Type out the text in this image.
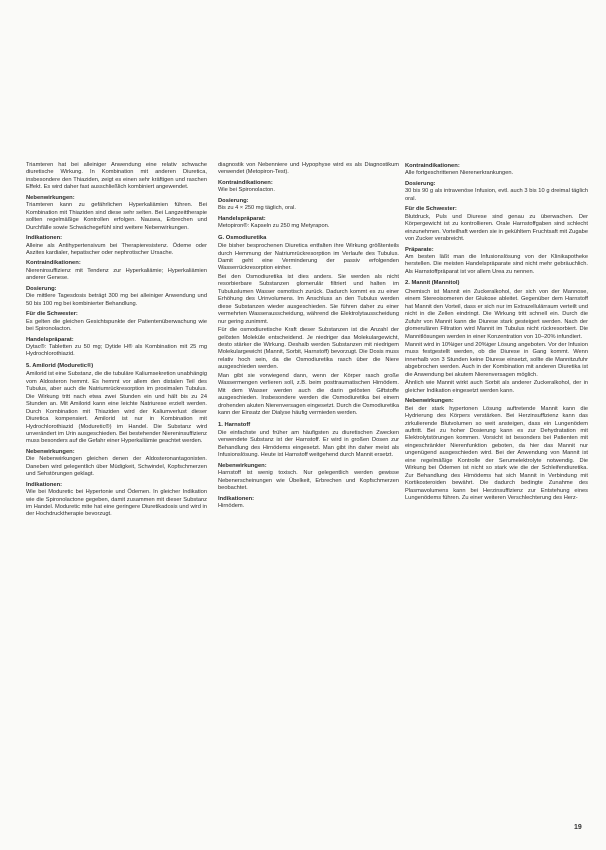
Triamteren hat bei alleiniger Anwendung eine relativ schwache diuretische Wirkung. In Kombination mit anderen Diuretica, insbesondere den Thiaziden, zeigt es einen sehr kräftigen und raschen Effekt. Es wird daher fast ausschließlich kombiniert angewendet.

Nebenwirkungen:

Triamteren kann zu gefährlichen Hyperkaliämien führen. Bei Kombination mit Thiaziden sind diese sehr selten. Bei Langzeittherapie sollten regelmäßige Kontrollen erfolgen. Nausea, Erbrechen und Durchfälle sowie Schwächegefühl sind weitere Nebenwirkungen.

Indikationen:

Alleine als Antihypertensivum bei Therapieresistenz. Ödeme oder Aszites kardialer, hepatischer oder nephrotischer Ursache.

Kontraindikationen:

Niereninsuffizienz mit Tendenz zur Hyperkaliämie; Hyperkaliämien anderer Genese.

Dosierung:

Die mittlere Tagesdosis beträgt 300 mg bei alleiniger Anwendung und 50 bis 100 mg bei kombinierter Behandlung.

Für die Schwester:

Es gelten die gleichen Gesichtspunkte der Patientenüberwachung wie bei Spironolacton.

Handelspräparat:

Dytac®: Tabletten zu 50 mg; Dytide H® als Kombination mit 25 mg Hydrochlorothiazid.

5. Amilorid (Moduretic®)

Amilorid ist eine Substanz, die die tubuläre Kaliumsekretion unabhängig vom Aldosteron hemmt. Es hemmt vor allem den distalen Teil des Tubulus, aber auch die Natriumrückresorption im proximalen Tubulus. Die Wirkung tritt nach etwa zwei Stunden ein und hält bis zu 24 Stunden an. Mit Amilorid kann eine leichte Natriurese erzielt werden. Durch Kombination mit Thiaziden wird der Kaliumverlust dieser Diuretica kompensiert. Amilorid ist nur in Kombination mit Hydrochlorothiazid (Moduretic®) im Handel. Die Substanz wird unverändert im Urin ausgeschieden. Bei bestehender Niereninsuffizienz muss besonders auf die Gefahr einer Hyperkaliämie geachtet werden.

Nebenwirkungen:

Die Nebenwirkungen gleichen denen der Aldosteronantagonisten. Daneben wird gelegentlich über Müdigkeit, Schwindel, Kopfschmerzen und Sehstörungen geklagt.

Indikationen:

Wie bei Moduretic bei Hypertonie und Ödemen. In gleicher Indikation wie die Spironolactone gegeben, damit zusammen mit dieser Substanz im Handel. Moduretic mite hat eine geringere Diuretikadosis und wird in der Hochdrucktherapie bevorzugt.

diagnostik von Nebenniere und Hypophyse wird es als Diagnostikum verwendet (Metopiron-Test).

Kontraindikationen:

Wie bei Spironolacton.

Dosierung:

Bis zu 4 × 250 mg täglich, oral.

Handelspräparat:

Metopiron®: Kapseln zu 250 mg Metyrapon.

G. Osmodiuretika

Die bisher besprochenen Diuretica entfalten ihre Wirkung größtenteils durch Hemmung der Natriumrückresorption im Verlaufe des Tubulus. Damit geht eine Verminderung der passiv erfolgenden Wasserrückresorption einher.

Bei den Osmodiuretika ist dies anders. Sie werden als nicht resorbierbare Substanzen glomerulär filtriert und halten im Tubuluslumen Wasser osmotisch zurück. Dadurch kommt es zu einer Erhöhung des Urinvolumens. Im Anschluss an den Tubulus werden diese Substanzen wieder ausgeschieden. Sie führen daher zu einer vermehrten Wasserausscheidung, während die Elektrolytausscheidung nur gering zunimmt.

Für die osmodiuretische Kraft dieser Substanzen ist die Anzahl der gelösten Moleküle entscheidend. Je niedriger das Molekulargewicht, desto stärker die Wirkung. Deshalb werden Substanzen mit niedrigem Molekulargewicht (Mannit, Sorbit, Harnstoff) bevorzugt. Die Dosis muss relativ hoch sein, da die Osmodiuretika rasch über die Niere ausgeschieden werden.

Man gibt sie vorwiegend dann, wenn der Körper rasch große Wassermengen verlieren soll, z.B. beim posttraumatischen Hirnödem. Mit dem Wasser werden auch die darin gelösten Giftstoffe ausgeschieden. Insbesondere werden die Osmodiuretika bei einem drohenden akuten Nierenversagen eingesetzt. Durch die Osmodiuretika kann der Einsatz der Dialyse häufig vermieden werden.

1. Harnstoff

Die einfachste und früher am häufigsten zu diuretischen Zwecken verwendete Substanz ist der Harnstoff. Er wird in großen Dosen zur Behandlung des Hirnödems eingesetzt. Man gibt ihn daher meist als Infusionslösung. Heute ist Harnstoff weitgehend durch Mannit ersetzt.

Nebenwirkungen:

Harnstoff ist wenig toxisch. Nur gelegentlich werden gewisse Nebenerscheinungen wie Übelkeit, Erbrechen und Kopfschmerzen beobachtet.

Indikationen:

Hirnödem.

Kontraindikationen:

Alle fortgeschrittenen Nierenerkrankungen.

Dosierung:

30 bis 90 g als intravenöse Infusion, evtl. auch 3 bis 10 g dreimal täglich oral.

Für die Schwester:

Blutdruck, Puls und Diurese sind genau zu überwachen. Der Körpergewicht ist zu kontrollieren. Orale Harnstoffgaben sind schlecht einzunehmen. Vorteilhaft werden sie in gekühltem Fruchtsaft mit Zugabe von Zucker verabreicht.

Präparate:

Am besten läßt man die Infusionslösung von der Klinikapotheke herstellen. Die meisten Handelspräparate sind nicht mehr gebräuchlich. Als Harnstoffpräparat ist vor allem Urea zu nennen.

2. Mannit (Mannitol)

Chemisch ist Mannit ein Zuckeralkohol, der sich von der Mannose, einem Stereoisomeren der Glukose ableitet. Gegenüber dem Harnstoff hat Mannit den Vorteil, dass er sich nur im Extrazellulärraum verteilt und nicht in die Zellen eindringt. Die Wirkung tritt schnell ein. Durch die Zufuhr von Mannit kann die Diurese stark gesteigert werden. Nach der glomerulären Filtration wird Mannit im Tubulus nicht rückresorbiert. Die Mannitlösungen werden in einer Konzentration von 10–20% infundiert.

Mannit wird in 10%iger und 20%iger Lösung angeboten. Vor der Infusion muss festgestellt werden, ob die Diurese in Gang kommt. Wenn innerhalb von 3 Stunden keine Diurese einsetzt, sollte die Mannitzufuhr abgebrochen werden. Auch in der Kombination mit anderen Diuretika ist die Anwendung bei akutem Nierenversagen möglich.

Ähnlich wie Mannit wirkt auch Sorbit als anderer Zuckeralkohol, der in gleicher Indikation eingesetzt werden kann.

Nebenwirkungen:

Bei der stark hypertonen Lösung auftretende Mannit kann die Hydrierung des Körpers verstärken. Bei Herzinsuffizienz kann das zirkulierende Blutvolumen so weit ansteigen, dass ein Lungenödem auftritt. Bei zu hoher Dosierung kann es zur Dehydratation mit Elektrolytstörungen kommen. Vorsicht ist besonders bei Patienten mit eingeschränkter Nierenfunktion geboten, da hier das Mannit nur ungenügend ausgeschieden wird. Bei der Anwendung von Mannit ist eine regelmäßige Kontrolle der Serumelektrolyte notwendig. Die Wirkung bei Ödemen ist nicht so stark wie die der Schleifendiuretika. Zur Behandlung des Hirnödems hat sich Mannit in Verbindung mit Kortikosteroiden bewährt. Die dadurch bedingte Zunahme des Plasmavolumens kann bei Herzinsuffizienz zur Entstehung eines Lungenödems führen. Zu einer weiteren Verschlechterung des Herz-

19
